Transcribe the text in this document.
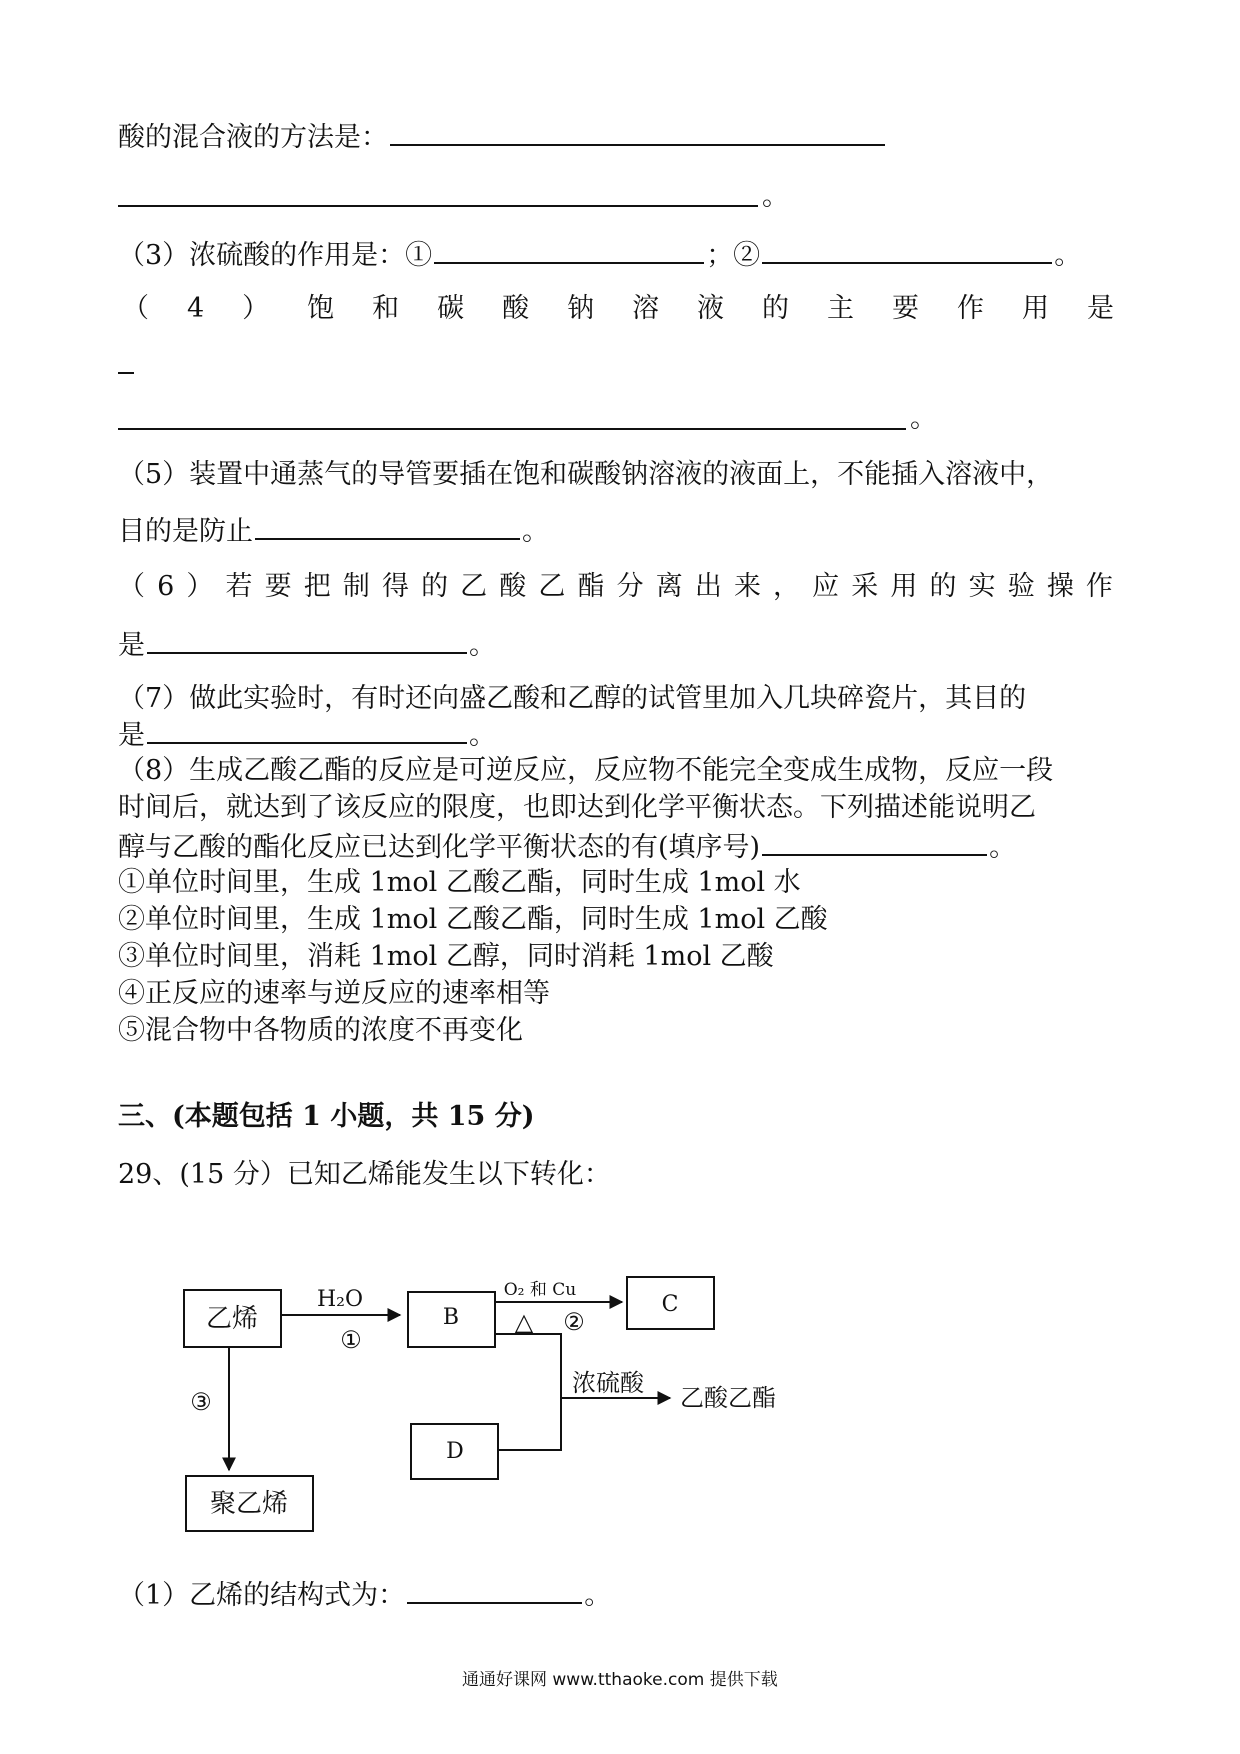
酸的混合液的方法是：
。
（3）浓硫酸的作用是：①	；②	。
（ 4 ） 饱 和 碳 酸 钠 溶 液 的 主 要 作 用 是
。
（5）装置中通蒸气的导管要插在饱和碳酸钠溶液的液面上，不能插入溶液中，
目的是防止	。
（ 6 ） 若 要 把 制 得 的 乙 酸 乙 酯 分 离 出 来 ， 应 采 用 的 实 验 操 作
是	。
（7）做此实验时，有时还向盛乙酸和乙醇的试管里加入几块碎瓷片，其目的
是	。
（8）生成乙酸乙酯的反应是可逆反应，反应物不能完全变成生成物，反应一段
时间后，就达到了该反应的限度，也即达到化学平衡状态。下列描述能说明乙
醇与乙酸的酯化反应已达到化学平衡状态的有(填序号)	。
①单位时间里，生成 1mol 乙酸乙酯，同时生成 1mol 水
②单位时间里，生成 1mol 乙酸乙酯，同时生成 1mol 乙酸
③单位时间里，消耗 1mol 乙醇，同时消耗 1mol 乙酸
④正反应的速率与逆反应的速率相等
⑤混合物中各物质的浓度不再变化
三、(本题包括 1 小题，共 15 分)
29、(15 分）已知乙烯能发生以下转化：
乙烯
H₂O
①
B
O₂ 和 Cu
△ ②
C
③
聚乙烯
浓硫酸
乙酸乙酯
D
（1）乙烯的结构式为：	。
通通好课网 www.tthaoke.com 提供下载
